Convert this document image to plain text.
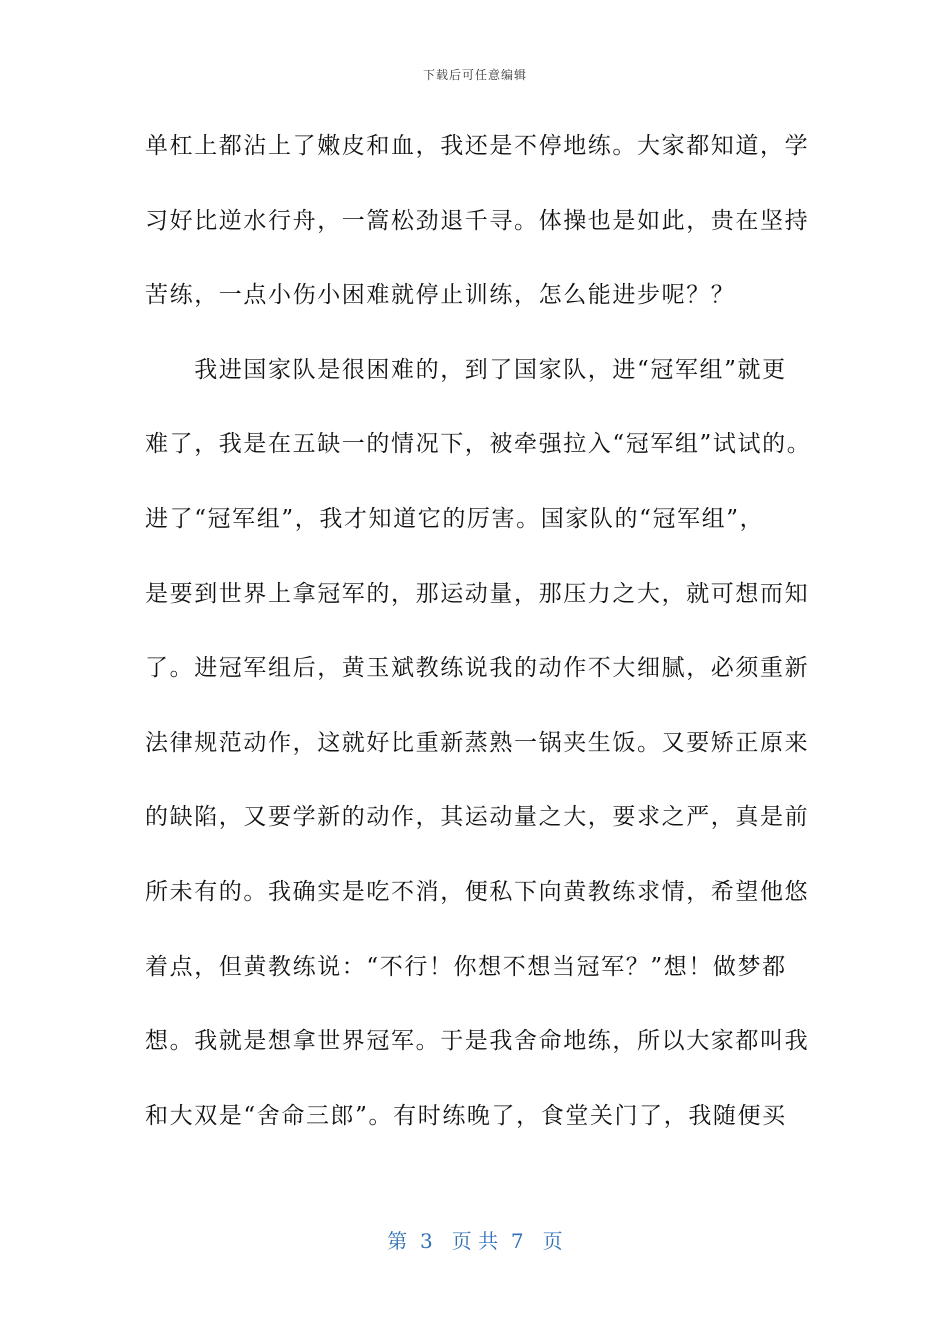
下载后可任意编辑
单杠上都沾上了嫩皮和血，我还是不停地练。大家都知道，学
习好比逆水行舟，一篙松劲退千寻。体操也是如此，贵在坚持
苦练，一点小伤小困难就停止训练，怎么能进步呢？？
　　我进国家队是很困难的，到了国家队，进“冠军组”就更
难了，我是在五缺一的情况下，被牵强拉入“冠军组”试试的。
进了“冠军组”，我才知道它的厉害。国家队的“冠军组”，
是要到世界上拿冠军的，那运动量，那压力之大，就可想而知
了。进冠军组后，黄玉斌教练说我的动作不大细腻，必须重新
法律规范动作，这就好比重新蒸熟一锅夹生饭。又要矫正原来
的缺陷，又要学新的动作，其运动量之大，要求之严，真是前
所未有的。我确实是吃不消，便私下向黄教练求情，希望他悠
着点，但黄教练说：“不行！你想不想当冠军？”想！做梦都
想。我就是想拿世界冠军。于是我舍命地练，所以大家都叫我
和大双是“舍命三郎”。有时练晚了，食堂关门了，我随便买
第  3   页 共  7   页
